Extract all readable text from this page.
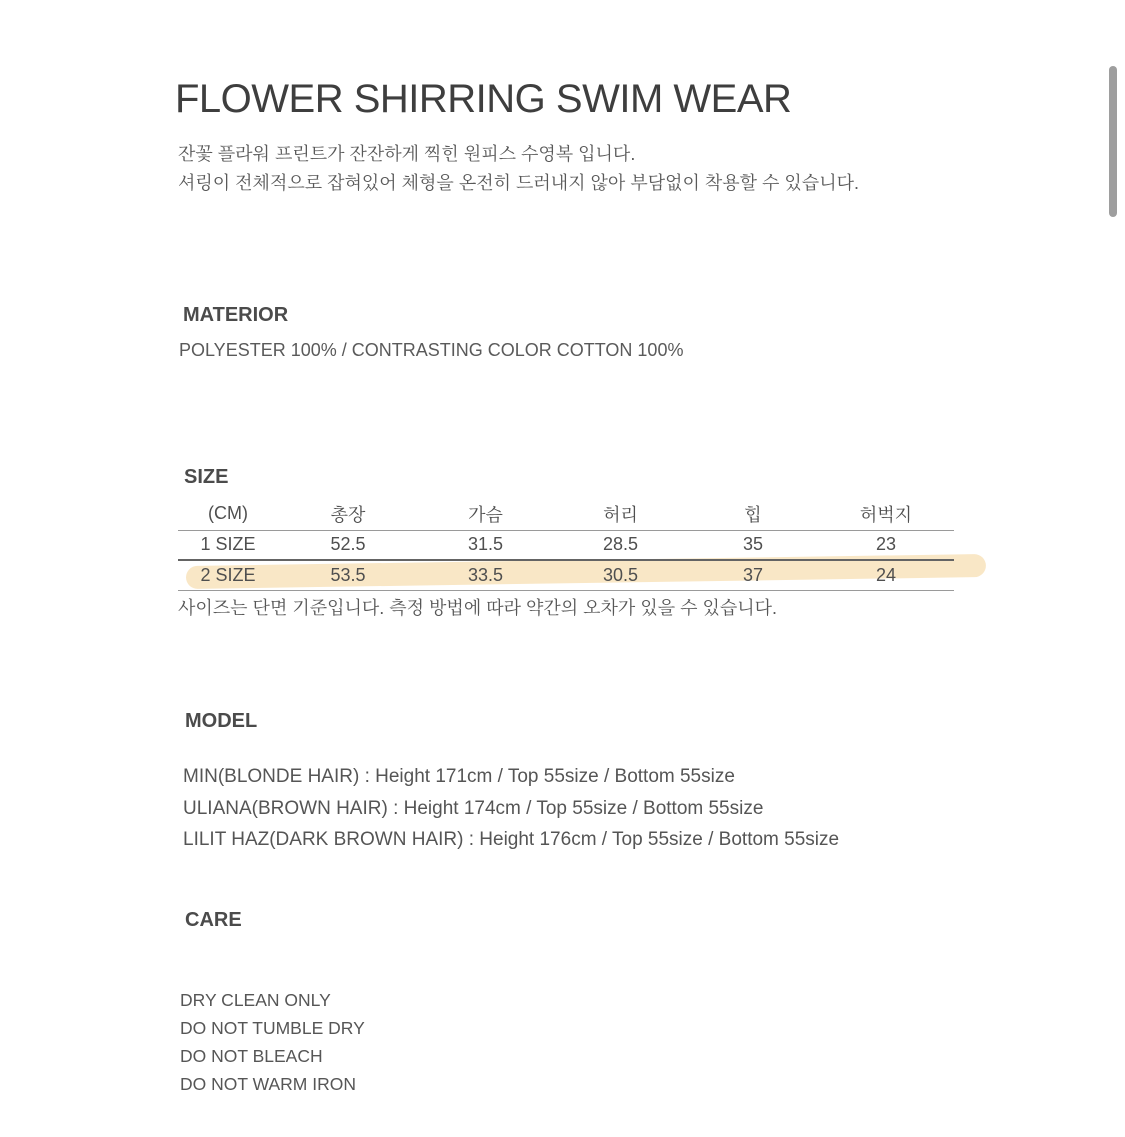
FLOWER SHIRRING SWIM WEAR
잔꽃 플라워 프린트가 잔잔하게 찍힌 원피스 수영복 입니다.
셔링이 전체적으로 잡혀있어 체형을 온전히 드러내지 않아 부담없이 착용할 수 있습니다.
MATERIOR
POLYESTER 100% / CONTRASTING COLOR COTTON 100%
SIZE
(CM)	총장	가슴	허리	힙	허벅지
1 SIZE	52.5	31.5	28.5	35	23
2 SIZE	53.5	33.5	30.5	37	24
사이즈는 단면 기준입니다. 측정 방법에 따라 약간의 오차가 있을 수 있습니다.
MODEL
MIN(BLONDE HAIR) : Height 171cm / Top 55size / Bottom 55size
ULIANA(BROWN HAIR) : Height 174cm / Top 55size / Bottom 55size
LILIT HAZ(DARK BROWN HAIR) : Height 176cm / Top 55size / Bottom 55size
CARE
DRY CLEAN ONLY
DO NOT TUMBLE DRY
DO NOT BLEACH
DO NOT WARM IRON
